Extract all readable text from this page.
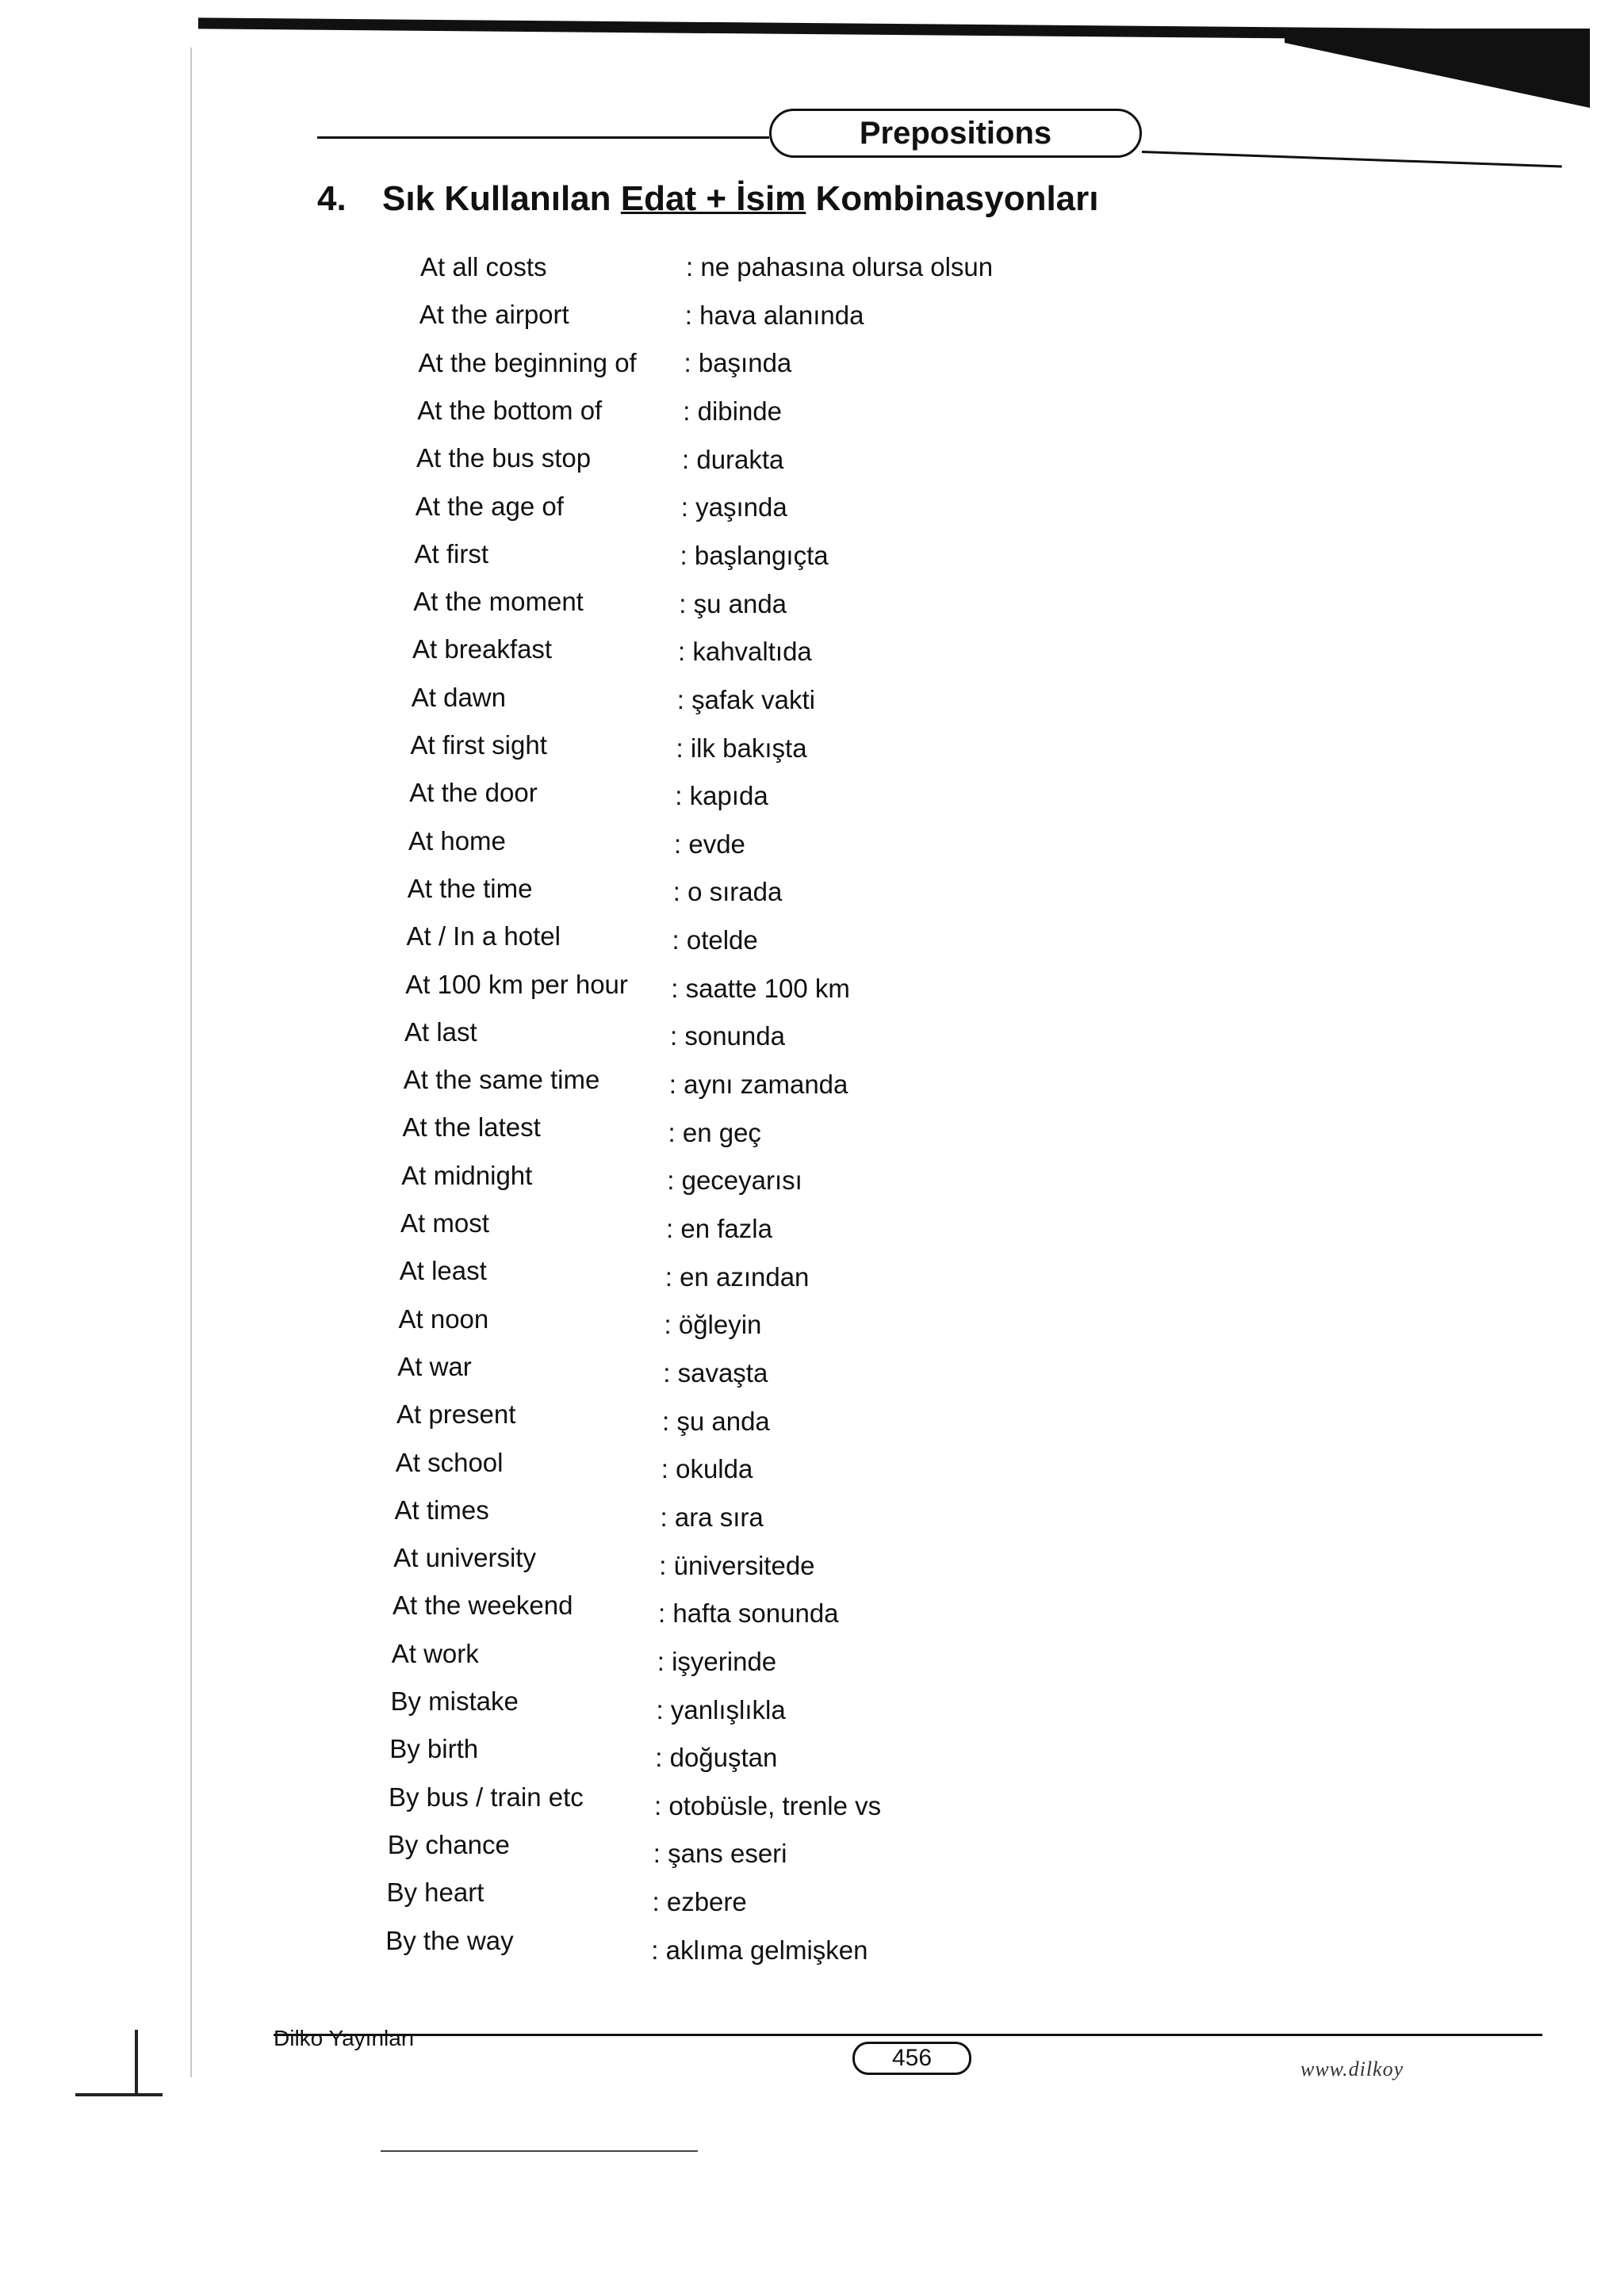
Prepositions
4. Sık Kullanılan Edat + İsim Kombinasyonları
At all costs	: ne pahasına olursa olsun
At the airport	: hava alanında
At the beginning of : başında
At the bottom of	: dibinde
At the bus stop	: durakta
At the age of	: yaşında
At first	: başlangıçta
At the moment	: şu anda
At breakfast	: kahvaltıda
At dawn	: şafak vakti
At first sight	: ilk bakışta
At the door	: kapıda
At home	: evde
At the time	: o sırada
At / In a hotel	: otelde
At 100 km per hour : saatte 100 km
At last	: sonunda
At the same time	: aynı zamanda
At the latest	: en geç
At midnight	: geceyarısı
At most	: en fazla
At least	: en azından
At noon	: öğleyin
At war	: savaşta
At present	: şu anda
At school	: okulda
At times	: ara sıra
At university	: üniversitede
At the weekend	: hafta sonunda
At work	: işyerinde
By mistake	: yanlışlıkla
By birth	: doğuştan
By bus / train etc	: otobüsle, trenle vs
By chance	: şans eseri
By heart	: ezbere
By the way	: aklıma gelmişken
Dilko Yayınları
456	www.dilkoy
